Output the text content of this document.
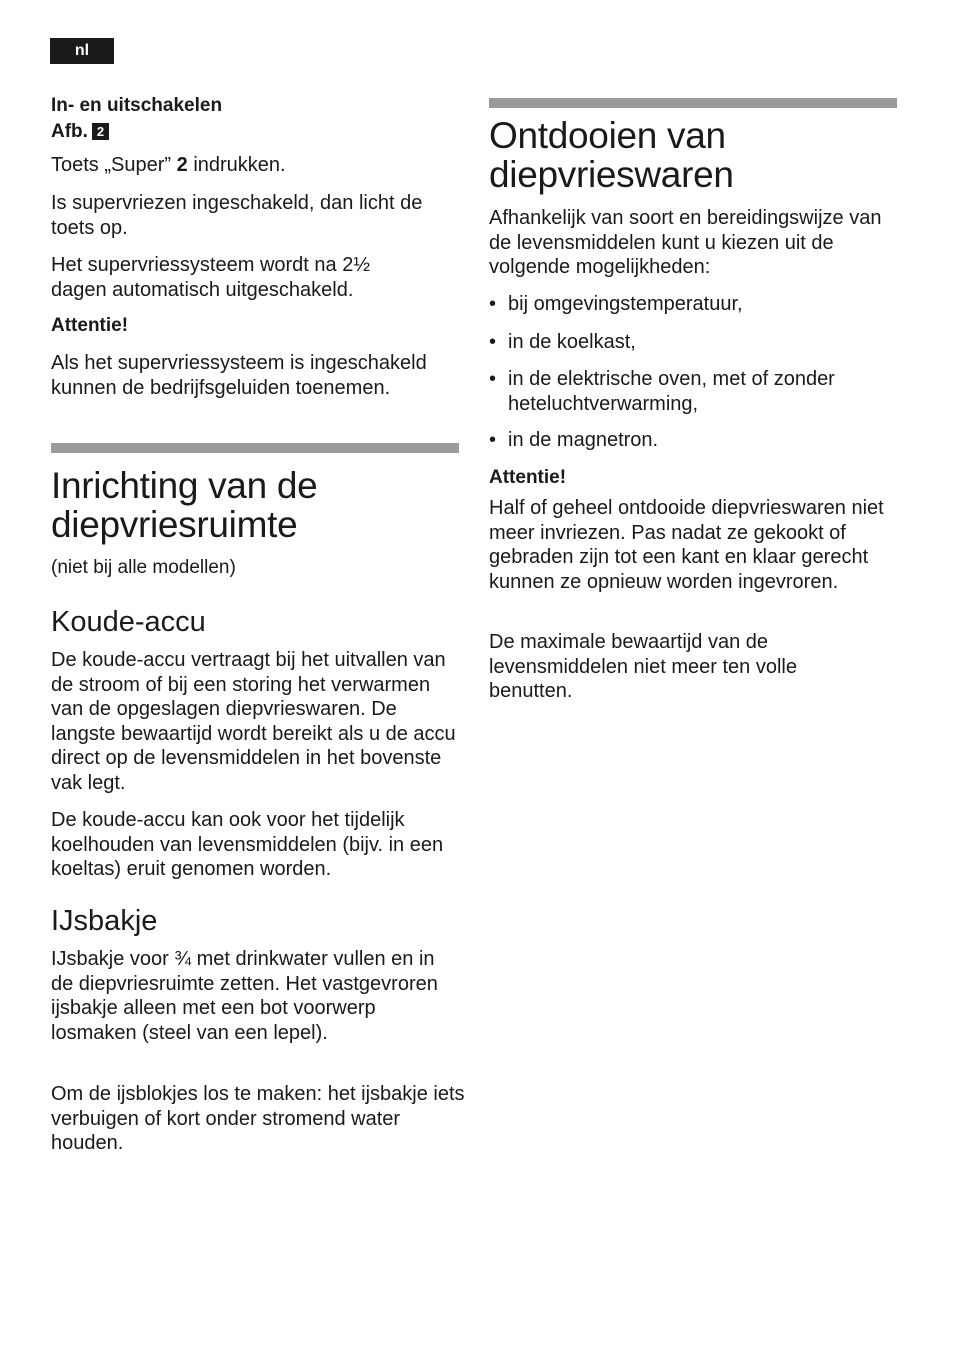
nl
In- en uitschakelen
Afb. 2
Toets „Super” 2 indrukken.

Is supervriezen ingeschakeld, dan licht de toets op.

Het supervriessysteem wordt na 2½ dagen automatisch uitgeschakeld.

Attentie!

Als het supervriessysteem is ingeschakeld kunnen de bedrijfsgeluiden toenemen.

Inrichting van de diepvriesruimte
(niet bij alle modellen)
Koude-accu

De koude-accu vertraagt bij het uitvallen van de stroom of bij een storing het verwarmen van de opgeslagen diepvrieswaren. De langste bewaartijd wordt bereikt als u de accu direct op de levensmiddelen in het bovenste vak legt.

De koude-accu kan ook voor het tijdelijk koelhouden van levensmiddelen (bijv. in een koeltas) eruit genomen worden.

IJsbakje

IJsbakje voor ¾ met drinkwater vullen en in de diepvriesruimte zetten. Het vastgevroren ijsbakje alleen met een bot voorwerp losmaken (steel van een lepel).

Om de ijsblokjes los te maken: het ijsbakje iets verbuigen of kort onder stromend water houden.

Ontdooien van diepvrieswaren

Afhankelijk van soort en bereidingswijze van de levensmiddelen kunt u kiezen uit de volgende mogelijkheden:

• bij omgevingstemperatuur,
• in de koelkast,
• in de elektrische oven, met of zonder heteluchtverwarming,
• in de magnetron.
Attentie!

Half of geheel ontdooide diepvrieswaren niet meer invriezen. Pas nadat ze gekookt of gebraden zijn tot een kant en klaar gerecht kunnen ze opnieuw worden ingevroren.

De maximale bewaartijd van de levensmiddelen niet meer ten volle benutten.
